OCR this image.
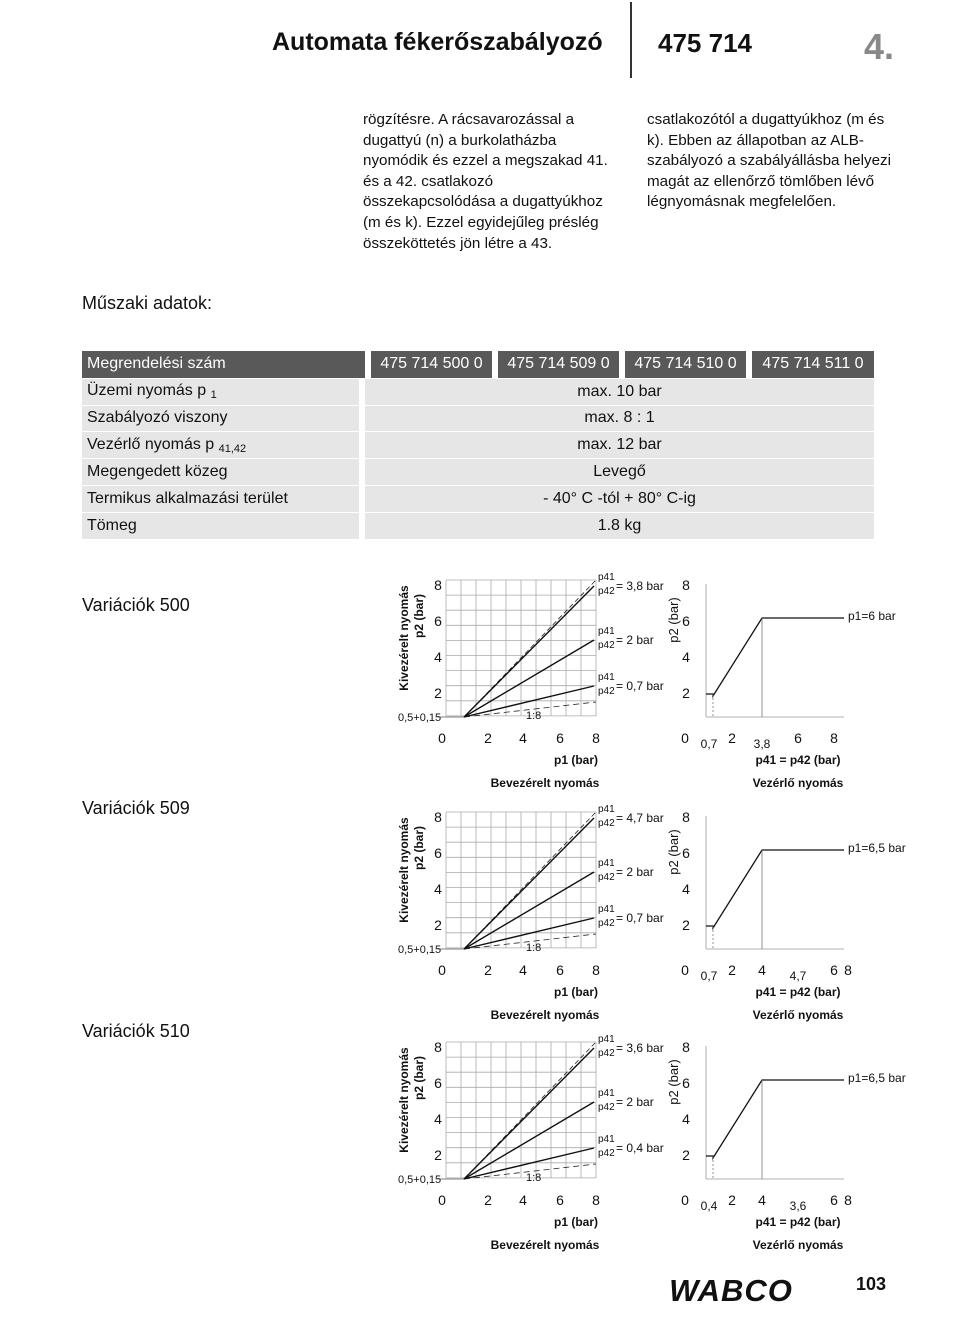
Automata fékerőszabályozó 475 714	4.
rögzítésre. A rácsavarozással a
dugattyú (n) a burkolatházba
nyomódik és ezzel a megszakad 41.
és a 42. csatlakozó
összekapcsolódása a dugattyúkhoz
(m és k). Ezzel egyidejűleg préslég
összeköttetés jön létre a 43.
csatlakozótól a dugattyúkhoz (m és
k). Ebben az állapotban az ALB-
szabályozó a szabályállásba helyezi
magát az ellenőrző tömlőben lévő
légnyomásnak megfelelően.
Műszaki adatok:
Megrendelési szám	475 714 500 0	475 714 509 0	475 714 510 0	475 714 511 0
Üzemi nyomás p $_1$	max. 10 bar			
Szabályozó viszony	max. 8 : 1			
Vezérlő nyomás p $_{41,42}$	max. 12 bar			
Megengedett közeg	Levegő			
Termikus alkalmazási terület	- 40° C -tól + 80° C-ig			
Tömeg	1.8 kg			
Variációk 500
Variációk 509
Variációk 510
Kivezérelt nyomás p2 (bar)
8
6
4
2
0,5+0,15
0	2 4 6 8
p1 (bar)
Bevezérelt nyomás
1:8
p41
p42 = 3,8 bar
p41
p42 = 2 bar
p41
p42 = 0,7 bar
p2 (bar)
8
6
4
2
p1=6 bar
0 0,7 2 3,8 6 8
p41 = p42 (bar)
Vezérlő nyomás
Kivezérelt nyomás p2 (bar)
8
6
4
2
0,5+0,15
0	2 4 6 8
p1 (bar)
Bevezérelt nyomás
1:8
p41
p42 = 4,7 bar
p41
p42 = 2 bar
p41
p42 = 0,7 bar
p2 (bar)
8
6
4
2
p1=6,5 bar
0 0,7 2 4 4,7 6 8
p41 = p42 (bar)
Vezérlő nyomás
Kivezérelt nyomás p2 (bar)
8
6
4
2
0,5+0,15
0	2 4 6 8
p1 (bar)
Bevezérelt nyomás
1:8
p41
p42 = 3,6 bar
p41
p42 = 2 bar
p41
p42 = 0,4 bar
p2 (bar)
8
6
4
2
p1=6,5 bar
0 0,4 2 4 3,6 6 8
p41 = p42 (bar)
Vezérlő nyomás
WABCO	103
